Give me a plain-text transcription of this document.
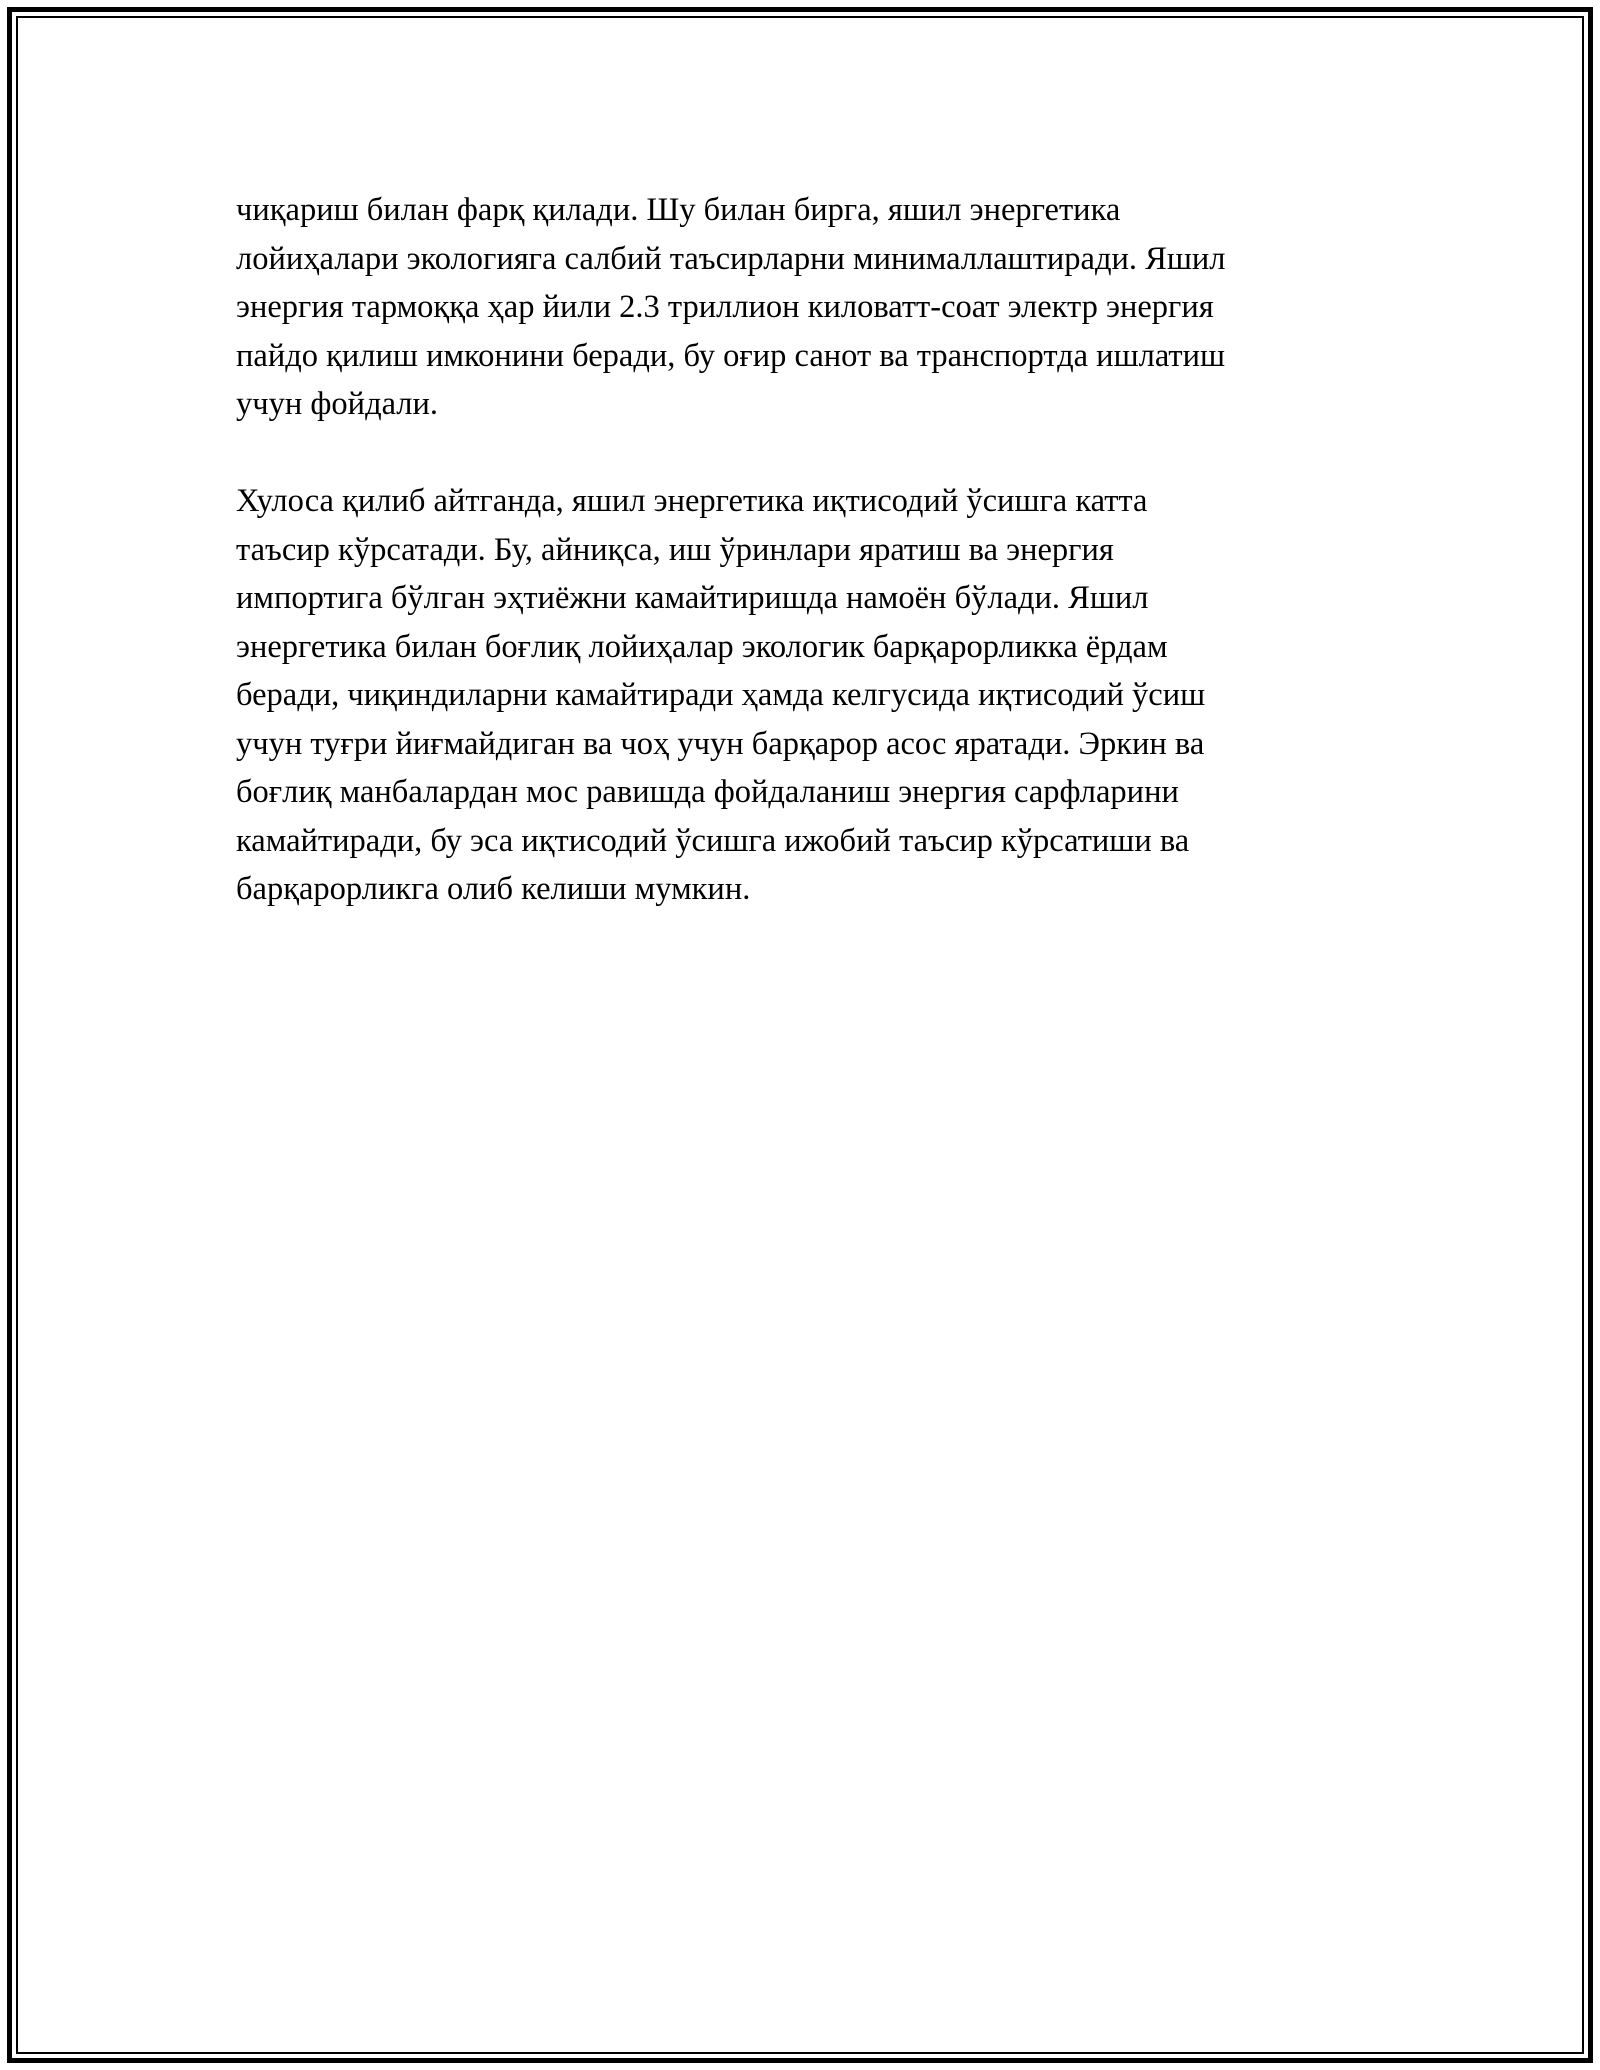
чиқариш билан фарқ қилади. Шу билан бирга, яшил энергетика
лойиҳалари экологияга салбий таъсирларни минималлаштиради. Яшил
энергия тармоққа ҳар йили 2.3 триллион киловатт-соат электр энергия
пайдо қилиш имконини беради, бу оғир санот ва транспортда ишлатиш
учун фойдали.

Хулоса қилиб айтганда, яшил энергетика иқтисодий ўсишга катта
таъсир кўрсатади. Бу, айниқса, иш ўринлари яратиш ва энергия
импортига бўлган эҳтиёжни камайтиришда намоён бўлади. Яшил
энергетика билан боғлиқ лойиҳалар экологик барқарорликка ёрдам
беради, чиқиндиларни камайтиради ҳамда келгусида иқтисодий ўсиш
учун туғри йиғмайдиган ва чоҳ учун барқарор асос яратади. Эркин ва
боғлиқ манбалардан мос равишда фойдаланиш энергия сарфларини
камайтиради, бу эса иқтисодий ўсишга ижобий таъсир кўрсатиши ва
барқарорликга олиб келиши мумкин.
